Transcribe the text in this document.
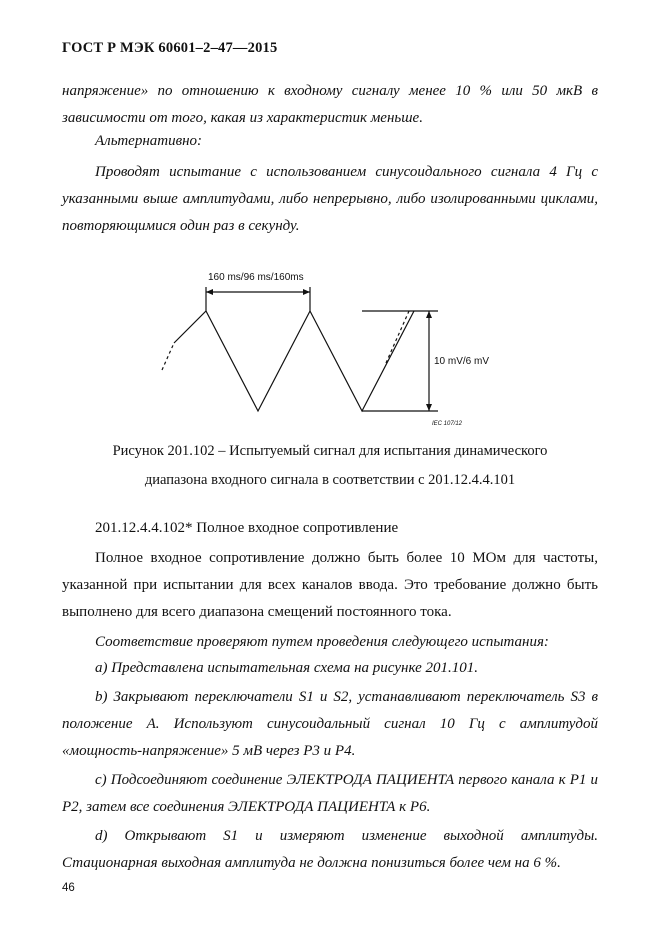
ГОСТ Р МЭК 60601–2–47—2015
напряжение» по отношению к входному сигналу менее 10 % или 50 мкВ в зависимости от того, какая из характеристик меньше.
Альтернативно:
Проводят испытание с использованием синусоидального сигнала 4 Гц с указанными выше амплитудами, либо непрерывно, либо изолированными циклами, повторяющимися один раз в секунду.
160 ms/96 ms/160ms
10 mV/6 mV
IEC 107/12
Рисунок 201.102 – Испытуемый сигнал для испытания динамического
диапазона входного сигнала в соответствии с 201.12.4.4.101
201.12.4.4.102* Полное входное сопротивление
Полное входное сопротивление должно быть более 10 МОм для частоты, указанной при испытании для всех каналов ввода. Это требование должно быть выполнено для всего диапазона смещений постоянного тока.
Соответствие проверяют путем проведения следующего испытания:
a) Представлена испытательная схема на рисунке 201.101.
b) Закрывают переключатели S1 и S2, устанавливают переключатель S3 в положение А. Используют синусоидальный сигнал 10 Гц с амплитудой «мощность-напряжение» 5 мВ через P3 и P4.
c) Подсоединяют соединение ЭЛЕКТРОДА ПАЦИЕНТА первого канала к P1 и P2, затем все соединения ЭЛЕКТРОДА ПАЦИЕНТА к P6.
d) Открывают S1 и измеряют изменение выходной амплитуды. Стационарная выходная амплитуда не должна понизиться более чем на 6 %.
46
